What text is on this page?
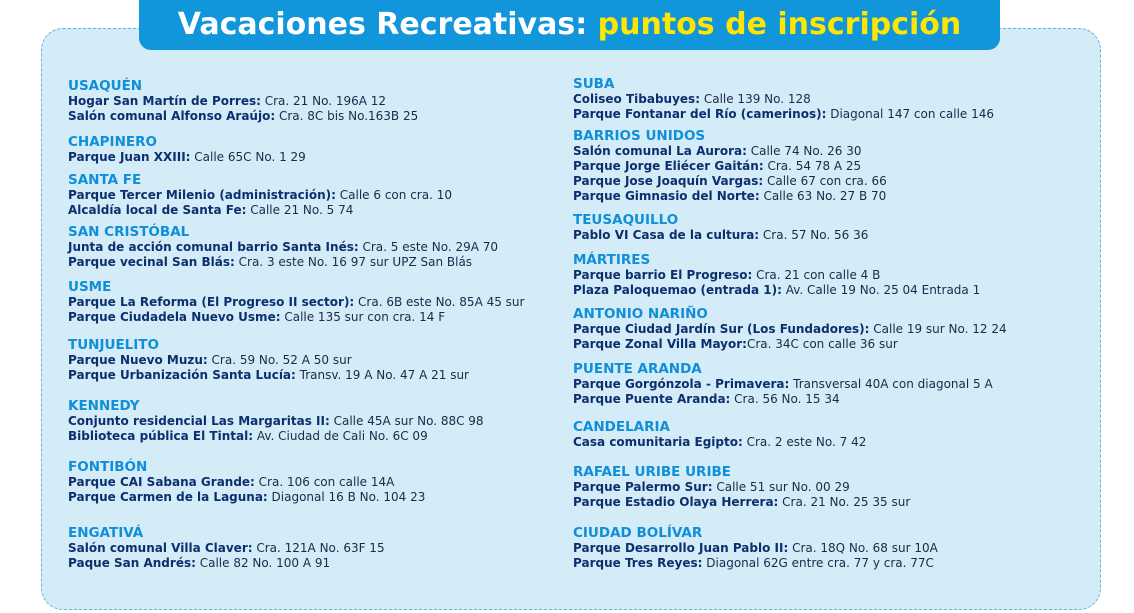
Vacaciones Recreativas: puntos de inscripción
USAQUÉN
Hogar San Martín de Porres: Cra. 21 No. 196A 12
Salón comunal Alfonso Araújo: Cra. 8C bis No.163B 25
CHAPINERO
Parque Juan XXIII: Calle 65C No. 1 29
SANTA FE
Parque Tercer Milenio (administración): Calle 6 con cra. 10
Alcaldía local de Santa Fe: Calle 21 No. 5 74
SAN CRISTÓBAL
Junta de acción comunal barrio Santa Inés: Cra. 5 este No. 29A 70
Parque vecinal San Blás: Cra. 3 este No. 16 97 sur UPZ San Blás
USME
Parque La Reforma (El Progreso II sector): Cra. 6B este No. 85A 45 sur
Parque Ciudadela Nuevo Usme: Calle 135 sur con cra. 14 F
TUNJUELITO
Parque Nuevo Muzu: Cra. 59 No. 52 A 50 sur
Parque Urbanización Santa Lucía: Transv. 19 A No. 47 A 21 sur
KENNEDY
Conjunto residencial Las Margaritas II: Calle 45A sur No. 88C 98
Biblioteca pública El Tintal: Av. Ciudad de Cali No. 6C 09
FONTIBÓN
Parque CAI Sabana Grande: Cra. 106 con calle 14A
Parque Carmen de la Laguna: Diagonal 16 B No. 104 23
ENGATIVÁ
Salón comunal Villa Claver: Cra. 121A No. 63F 15
Paque San Andrés: Calle 82 No. 100 A 91
SUBA
Coliseo Tibabuyes: Calle 139 No. 128
Parque Fontanar del Río (camerinos): Diagonal 147 con calle 146
BARRIOS UNIDOS
Salón comunal La Aurora: Calle 74 No. 26 30
Parque Jorge Eliécer Gaitán: Cra. 54 78 A 25
Parque Jose Joaquín Vargas: Calle 67 con cra. 66
Parque Gimnasio del Norte: Calle 63 No. 27 B 70
TEUSAQUILLO
Pablo VI Casa de la cultura: Cra. 57 No. 56 36
MÁRTIRES
Parque barrio El Progreso: Cra. 21 con calle 4 B
Plaza Paloquemao (entrada 1): Av. Calle 19 No. 25 04 Entrada 1
ANTONIO NARIÑO
Parque Ciudad Jardín Sur (Los Fundadores): Calle 19 sur No. 12 24
Parque Zonal Villa Mayor:Cra. 34C con calle 36 sur
PUENTE ARANDA
Parque Gorgónzola - Primavera: Transversal 40A con diagonal 5 A
Parque Puente Aranda: Cra. 56 No. 15 34
CANDELARIA
Casa comunitaria Egipto: Cra. 2 este No. 7 42
RAFAEL URIBE URIBE
Parque Palermo Sur: Calle 51 sur No. 00 29
Parque Estadio Olaya Herrera: Cra. 21 No. 25 35 sur
CIUDAD BOLÍVAR
Parque Desarrollo Juan Pablo II: Cra. 18Q No. 68 sur 10A
Parque Tres Reyes: Diagonal 62G entre cra. 77 y cra. 77C
